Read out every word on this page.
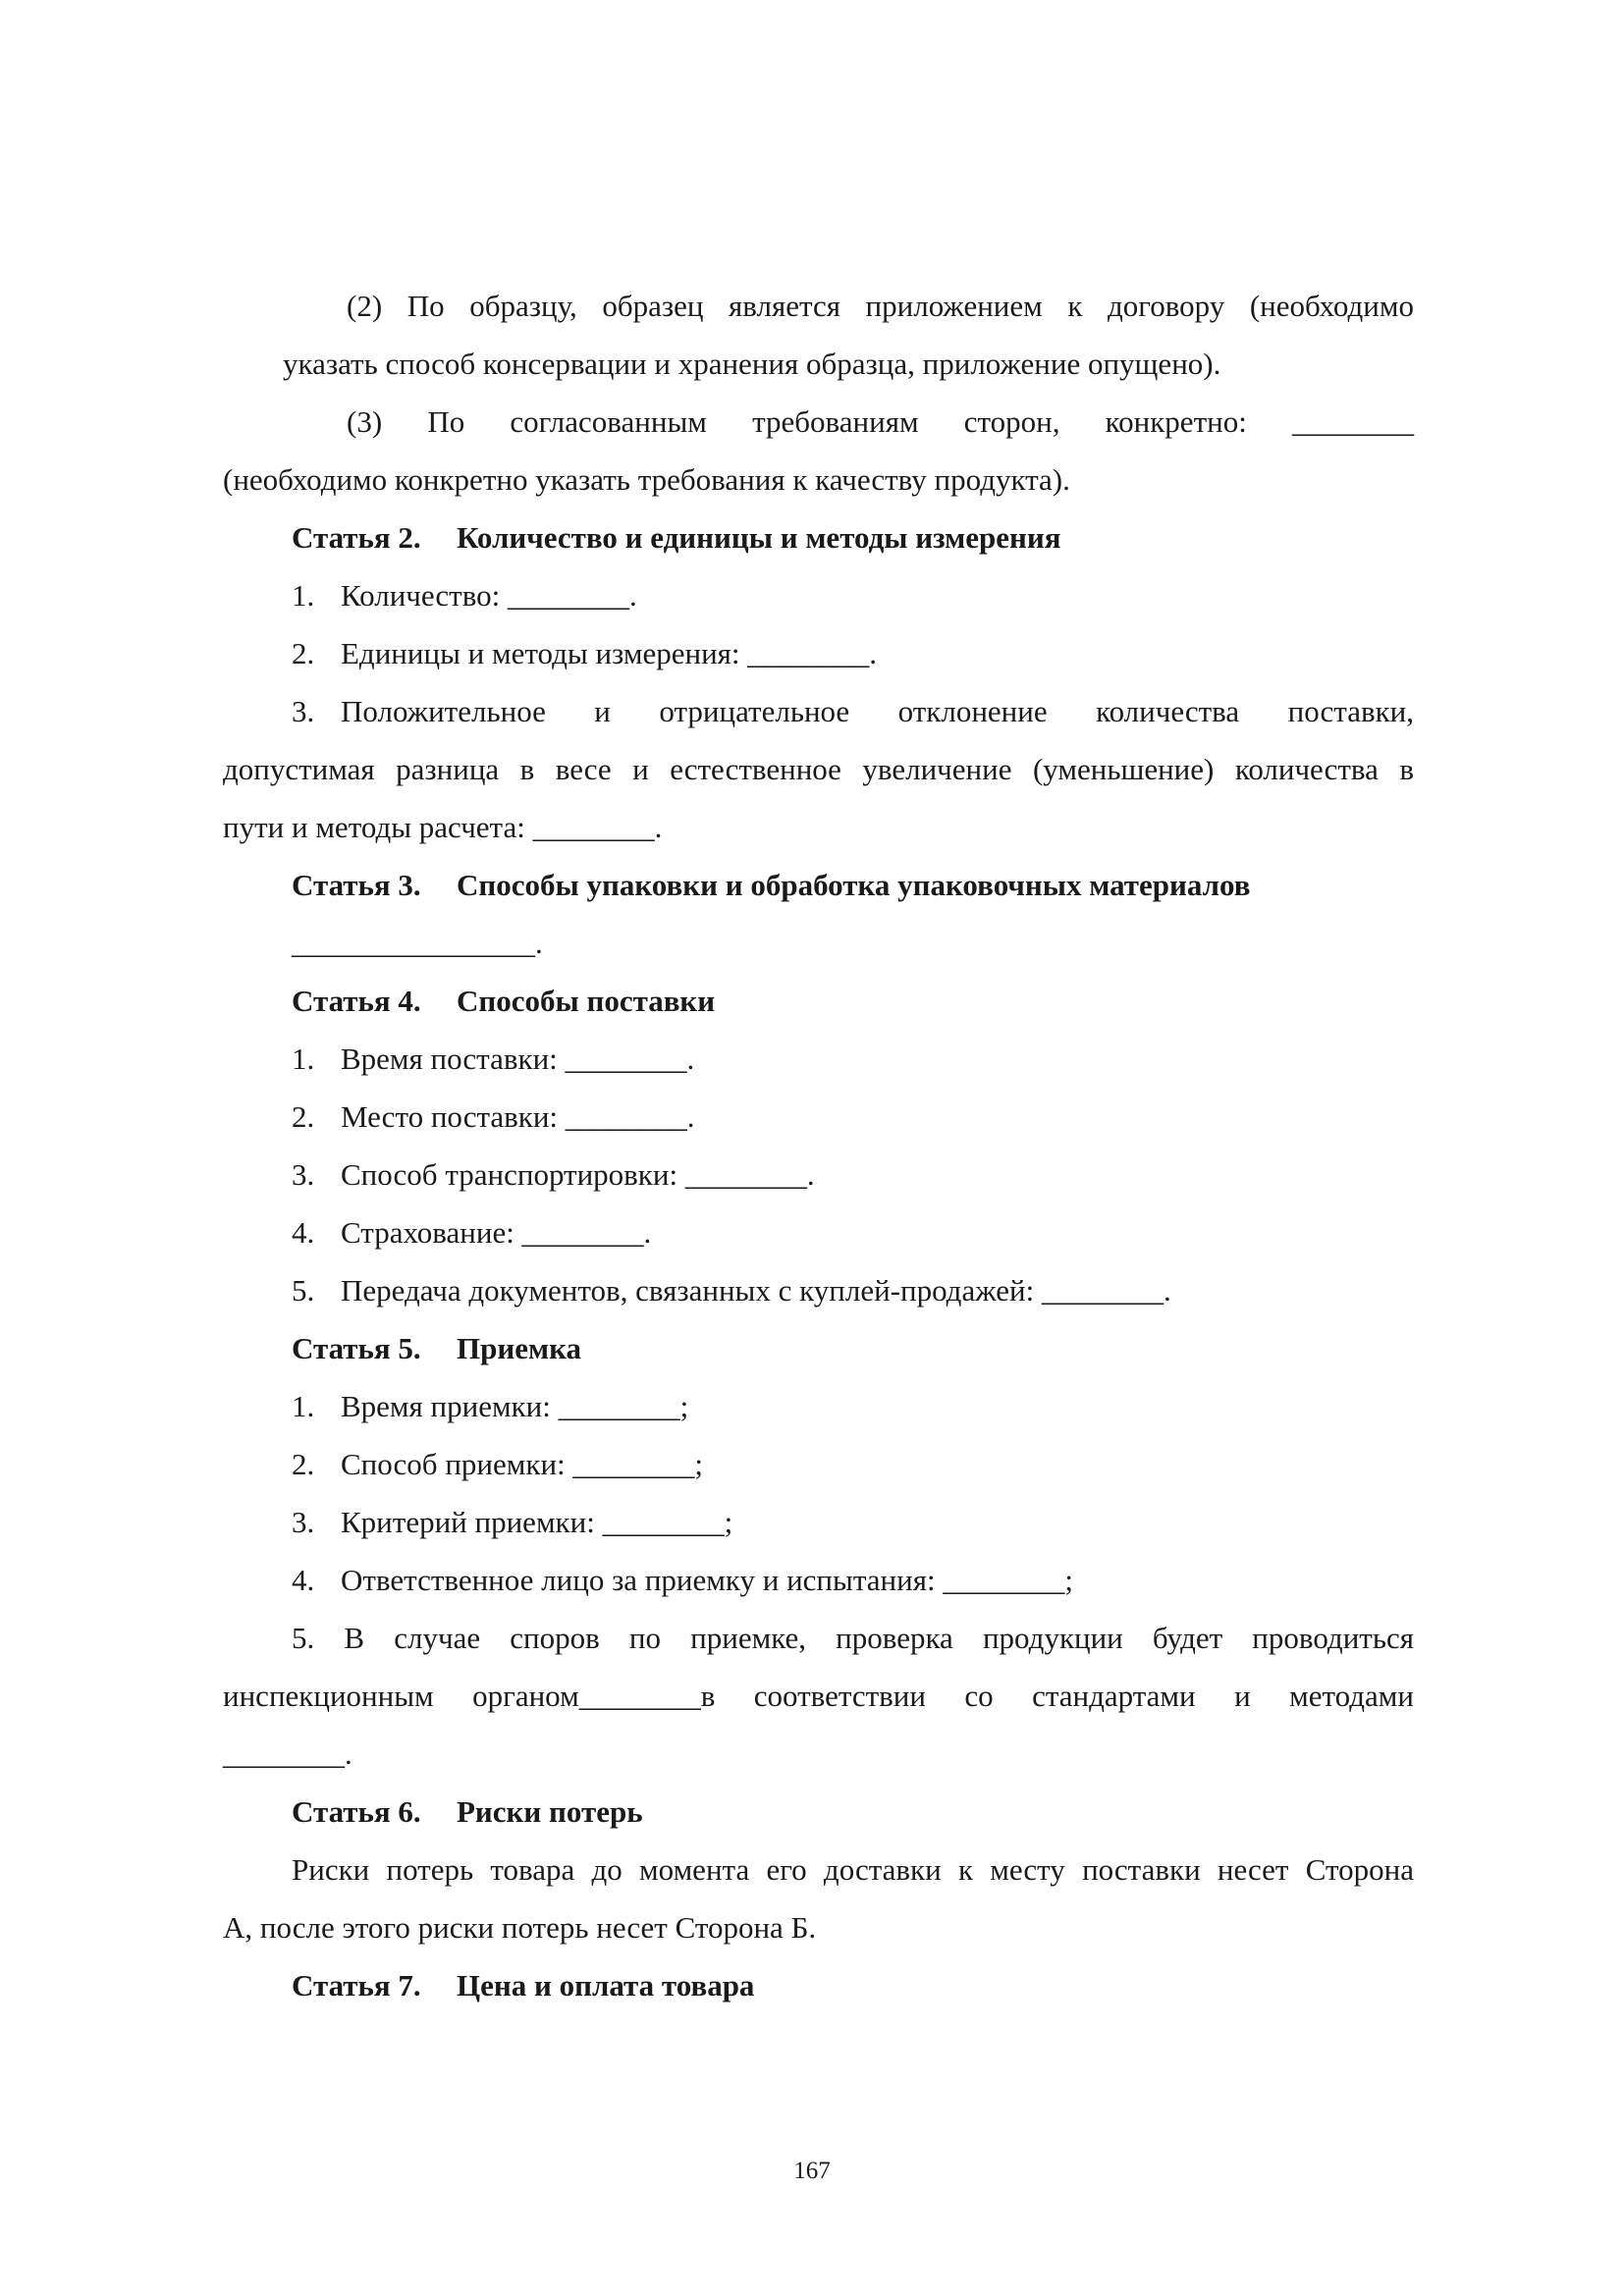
(2) По образцу, образец является приложением к договору (необходимо

указать способ консервации и хранения образца, приложение опущено).

(3) По согласованным требованиям сторон, конкретно: ________

(необходимо конкретно указать требования к качеству продукта).

Статья 2. Количество и единицы и методы измерения

1. Количество: ________.

2. Единицы и методы измерения: ________.

3. Положительное и отрицательное отклонение количества поставки,

допустимая разница в весе и естественное увеличение (уменьшение) количества в

пути и методы расчета: ________.

Статья 3. Способы упаковки и обработка упаковочных материалов

________________.

Статья 4. Способы поставки

1. Время поставки: ________.

2. Место поставки: ________.

3. Способ транспортировки: ________.

4. Страхование: ________.

5. Передача документов, связанных с куплей-продажей: ________.

Статья 5. Приемка

1. Время приемки: ________;

2. Способ приемки: ________;

3. Критерий приемки: ________;

4. Ответственное лицо за приемку и испытания: ________;

5. В случае споров по приемке, проверка продукции будет проводиться

инспекционным органом________в соответствии со стандартами и методами

________.

Статья 6. Риски потерь

Риски потерь товара до момента его доставки к месту поставки несет Сторона

А, после этого риски потерь несет Сторона Б.

Статья 7. Цена и оплата товара

167
